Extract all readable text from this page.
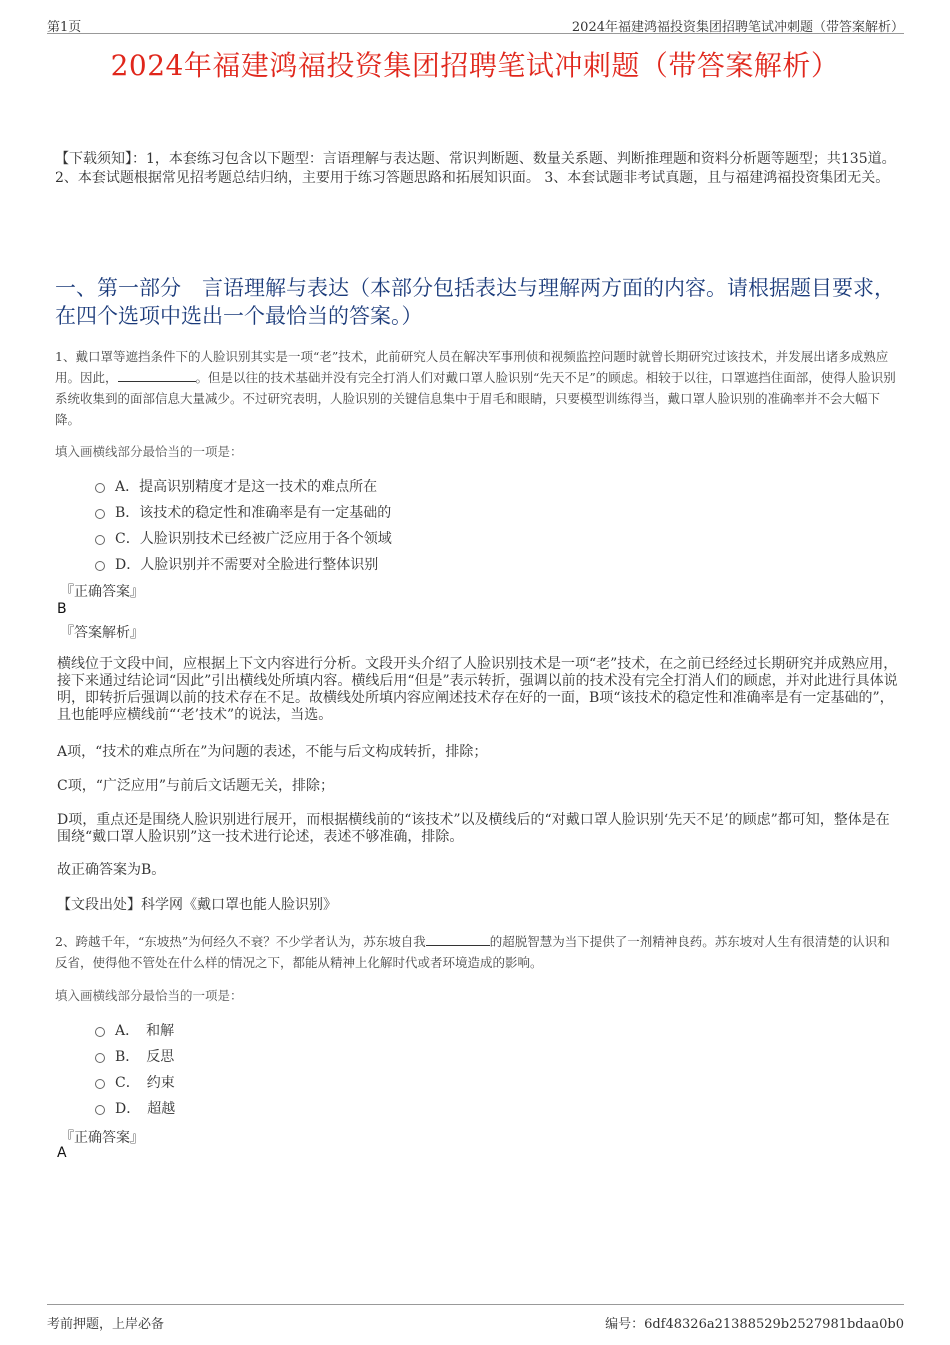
第1页	2024年福建鸿福投资集团招聘笔试冲刺题（带答案解析）
2024年福建鸿福投资集团招聘笔试冲刺题（带答案解析）
【下载须知】：1，本套练习包含以下题型：言语理解与表达题、常识判断题、数量关系题、判断推理题和资料分析题等题型；共135道。 2、本套试题根据常见招考题总结归纳，主要用于练习答题思路和拓展知识面。 3、本套试题非考试真题，且与福建鸿福投资集团无关。
一、第一部分　言语理解与表达（本部分包括表达与理解两方面的内容。请根据题目要求，在四个选项中选出一个最恰当的答案。）
1、戴口罩等遮挡条件下的人脸识别其实是一项“老”技术，此前研究人员在解决军事刑侦和视频监控问题时就曾长期研究过该技术，并发展出诸多成熟应用。因此，	。但是以往的技术基础并没有完全打消人们对戴口罩人脸识别“先天不足”的顾虑。相较于以往，口罩遮挡住面部，使得人脸识别系统收集到的面部信息大量减少。不过研究表明，人脸识别的关键信息集中于眉毛和眼睛，只要模型训练得当，戴口罩人脸识别的准确率并不会大幅下降。
填入画横线部分最恰当的一项是：
A．提高识别精度才是这一技术的难点所在
B．该技术的稳定性和准确率是有一定基础的
C．人脸识别技术已经被广泛应用于各个领域
D．人脸识别并不需要对全脸进行整体识别
『正确答案』
B
『答案解析』
横线位于文段中间，应根据上下文内容进行分析。文段开头介绍了人脸识别技术是一项“老”技术，在之前已经经过长期研究并成熟应用，接下来通过结论词“因此”引出横线处所填内容。横线后用“但是”表示转折，强调以前的技术没有完全打消人们的顾虑，并对此进行具体说明，即转折后强调以前的技术存在不足。故横线处所填内容应阐述技术存在好的一面，B项“该技术的稳定性和准确率是有一定基础的”，且也能呼应横线前“‘老’技术”的说法，当选。
A项，“技术的难点所在”为问题的表述，不能与后文构成转折，排除；
C项，“广泛应用”与前后文话题无关，排除；
D项，重点还是围绕人脸识别进行展开，而根据横线前的“该技术”以及横线后的“对戴口罩人脸识别‘先天不足’的顾虑”都可知，整体是在围绕“戴口罩人脸识别”这一技术进行论述，表述不够准确，排除。
故正确答案为B。
【文段出处】科学网《戴口罩也能人脸识别》
2、跨越千年，“东坡热”为何经久不衰？不少学者认为，苏东坡自我	的超脱智慧为当下提供了一剂精神良药。苏东坡对人生有很清楚的认识和反省，使得他不管处在什么样的情况之下，都能从精神上化解时代或者环境造成的影响。
填入画横线部分最恰当的一项是：
A．　和解
B．　反思
C．　约束
D．　超越
『正确答案』
A
考前押题，上岸必备	编号：6df48326a21388529b2527981bdaa0b0
